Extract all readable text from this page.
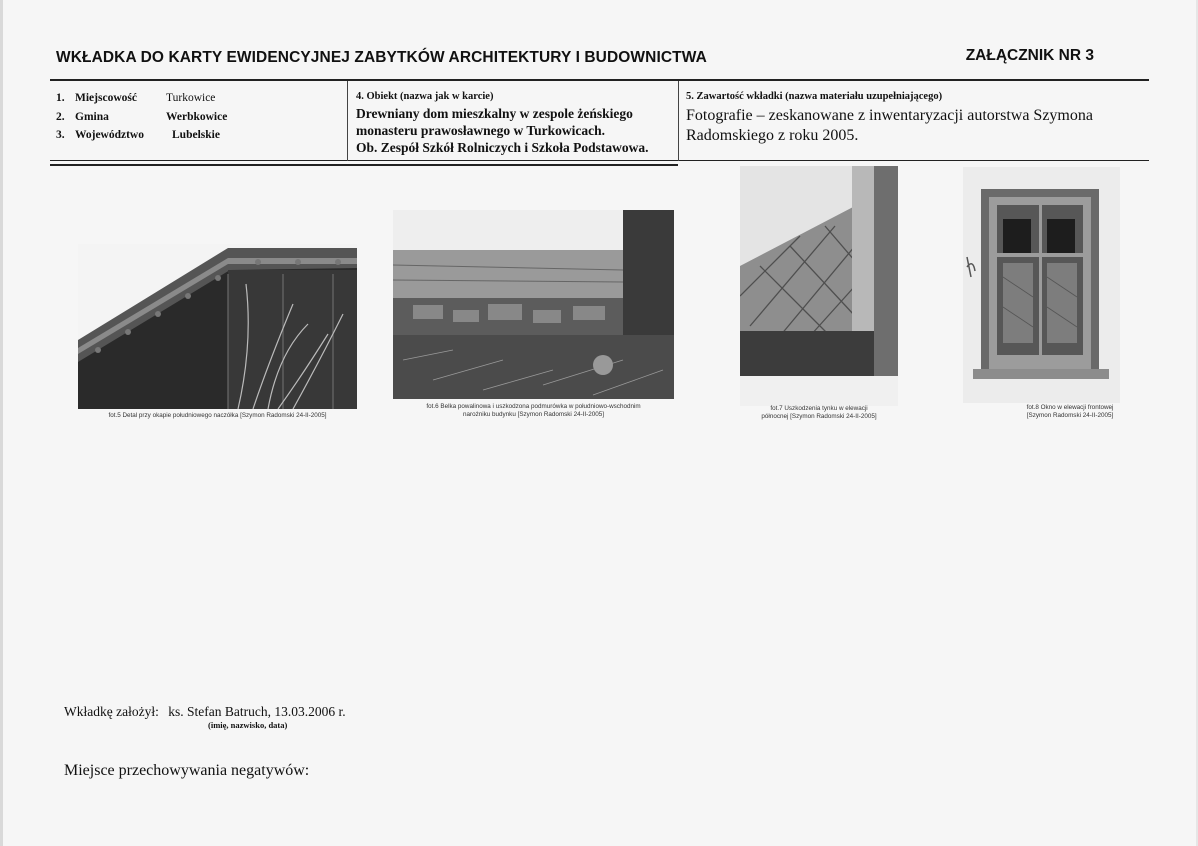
WKŁADKA DO KARTY EWIDENCYJNEJ ZABYTKÓW ARCHITEKTURY I BUDOWNICTWA	ZAŁĄCZNIK NR 3
1. Miejscowość	Turkowice
2. Gmina	Werbkowice
3. Województwo Lubelskie
4. Obiekt (nazwa jak w karcie)
Drewniany dom mieszkalny w zespole żeńskiego
monasteru prawosławnego w Turkowicach.
Ob. Zespół Szkół Rolniczych i Szkoła Podstawowa.
5. Zawartość wkładki (nazwa materiału uzupełniającego)
Fotografie – zeskanowane z inwentaryzacji autorstwa Szymona
Radomskiego z roku 2005.
fot.5 Detal przy okapie południowego naczółka [Szymon Radomski 24-II-2005]
fot.6 Belka powalinowa i uszkodzona podmurówka w południowo-wschodnim
narożniku budynku [Szymon Radomski 24-II-2005]
fot.7 Uszkodzenia tynku w elewacji
północnej [Szymon Radomski 24-II-2005]
fot.8 Okno w elewacji frontowej
[Szymon Radomski 24-II-2005]
Wkładkę założył: ks. Stefan Batruch, 13.03.2006 r.
(imię, nazwisko, data)
Miejsce przechowywania negatywów:
